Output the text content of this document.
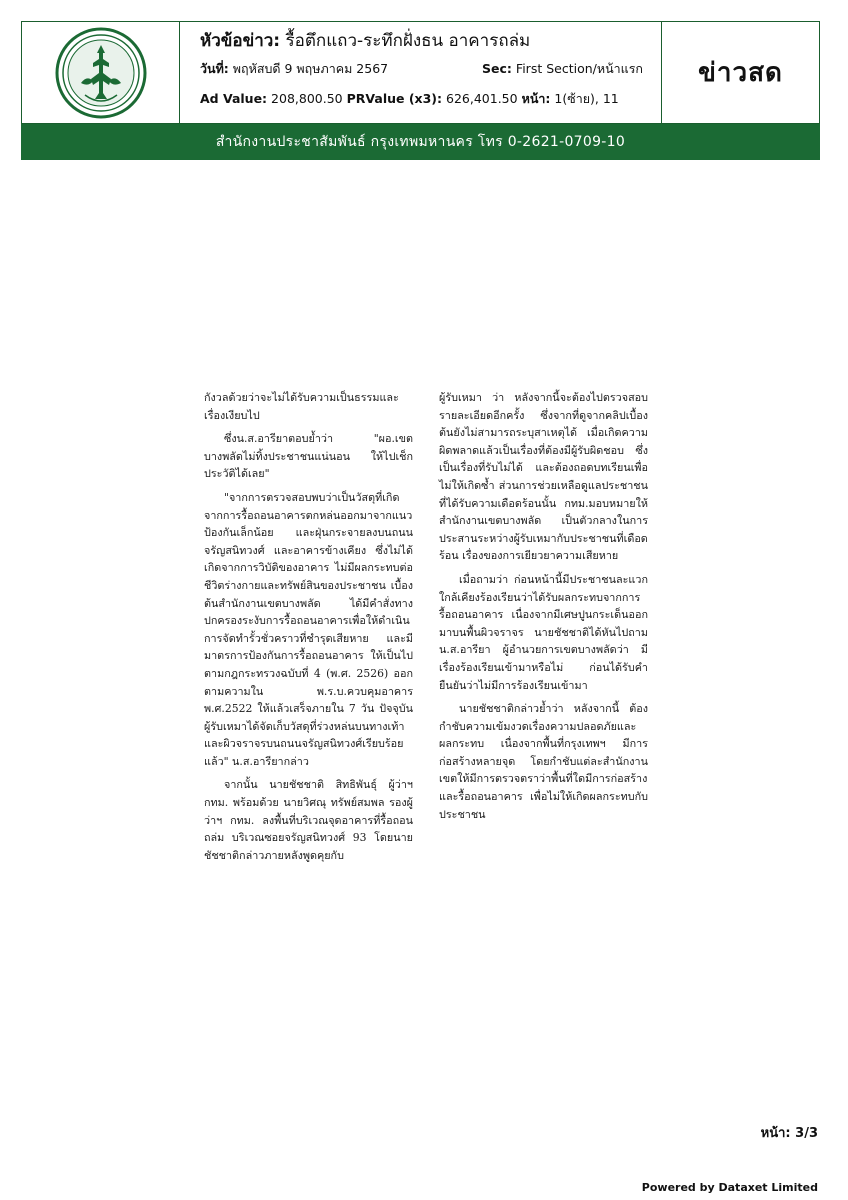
หัวข้อข่าว: รื้อตึกแถว-ระทึกฝั่งธน อาคารถล่ม
วันที่: พฤหัสบดี 9 พฤษภาคม 2567	Sec: First Section/หน้าแรก
Ad Value: 208,800.50 PRValue (x3): 626,401.50 หน้า: 1(ซ้าย), 11
ข่าวสด
สำนักงานประชาสัมพันธ์ กรุงเทพมหานคร โทร 0-2621-0709-10

กังวลด้วยว่าจะไม่ได้รับความเป็นธรรมและเรื่องเงียบไป

ซึ่งน.ส.อารียาตอบย้ำว่า "ผอ.เขตบางพลัดไม่ทิ้งประชาชนแน่นอน ให้ไปเช็กประวัติได้เลย"

"จากการตรวจสอบพบว่าเป็นวัสดุที่เกิดจากการรื้อถอนอาคารตกหล่นออกมาจากแนวป้องกันเล็กน้อย และฝุ่นกระจายลงบนถนนจรัญสนิทวงศ์ และอาคารข้างเคียง ซึ่งไม่ได้เกิดจากการวิบัติของอาคาร ไม่มีผลกระทบต่อชีวิตร่างกายและทรัพย์สินของประชาชน เบื้องต้นสำนักงานเขตบางพลัด ได้มีคำสั่งทางปกครองระงับการรื้อถอนอาคารเพื่อให้ดำเนินการจัดทำรั้วชั่วคราวที่ชำรุดเสียหาย และมีมาตรการป้องกันการรื้อถอนอาคาร ให้เป็นไปตามกฎกระทรวงฉบับที่ 4 (พ.ศ. 2526) ออกตามความใน พ.ร.บ.ควบคุมอาคาร พ.ศ.2522 ให้แล้วเสร็จภายใน 7 วัน ปัจจุบันผู้รับเหมาได้จัดเก็บวัสดุที่ร่วงหล่นบนทางเท้าและผิวจราจรบนถนนจรัญสนิทวงศ์เรียบร้อยแล้ว" น.ส.อารียากล่าว

จากนั้น นายชัชชาติ สิทธิพันธุ์ ผู้ว่าฯ กทม. พร้อมด้วย นายวิศณุ ทรัพย์สมพล รองผู้ว่าฯ กทม. ลงพื้นที่บริเวณจุดอาคารที่รื้อถอนถล่ม บริเวณซอยจรัญสนิทวงศ์ 93 โดยนายชัชชาติกล่าวภายหลังพูดคุยกับ

ผู้รับเหมา ว่า หลังจากนี้จะต้องไปตรวจสอบรายละเอียดอีกครั้ง ซึ่งจากที่ดูจากคลิปเบื้องต้นยังไม่สามารถระบุสาเหตุได้ เมื่อเกิดความผิดพลาดแล้วเป็นเรื่องที่ต้องมีผู้รับผิดชอบ ซึ่งเป็นเรื่องที่รับไม่ได้ และต้องถอดบทเรียนเพื่อไม่ให้เกิดซ้ำ ส่วนการช่วยเหลือดูแลประชาชนที่ได้รับความเดือดร้อนนั้น กทม.มอบหมายให้สำนักงานเขตบางพลัด เป็นตัวกลางในการประสานระหว่างผู้รับเหมากับประชาชนที่เดือดร้อน เรื่องของการเยียวยาความเสียหาย

เมื่อถามว่า ก่อนหน้านี้มีประชาชนละแวกใกล้เคียงร้องเรียนว่าได้รับผลกระทบจากการรื้อถอนอาคาร เนื่องจากมีเศษปูนกระเด็นออกมาบนพื้นผิวจราจร นายชัชชาติได้หันไปถาม น.ส.อารียา ผู้อำนวยการเขตบางพลัดว่า มีเรื่องร้องเรียนเข้ามาหรือไม่ ก่อนได้รับคำยืนยันว่าไม่มีการร้องเรียนเข้ามา

นายชัชชาติกล่าวย้ำว่า หลังจากนี้ ต้องกำชับความเข้มงวดเรื่องความปลอดภัยและผลกระทบ เนื่องจากพื้นที่กรุงเทพฯ มีการก่อสร้างหลายจุด โดยกำชับแต่ละสำนักงานเขตให้มีการตรวจตราว่าพื้นที่ใดมีการก่อสร้างและรื้อถอนอาคาร เพื่อไม่ให้เกิดผลกระทบกับประชาชน

หน้า: 3/3
Powered by Dataxet Limited
